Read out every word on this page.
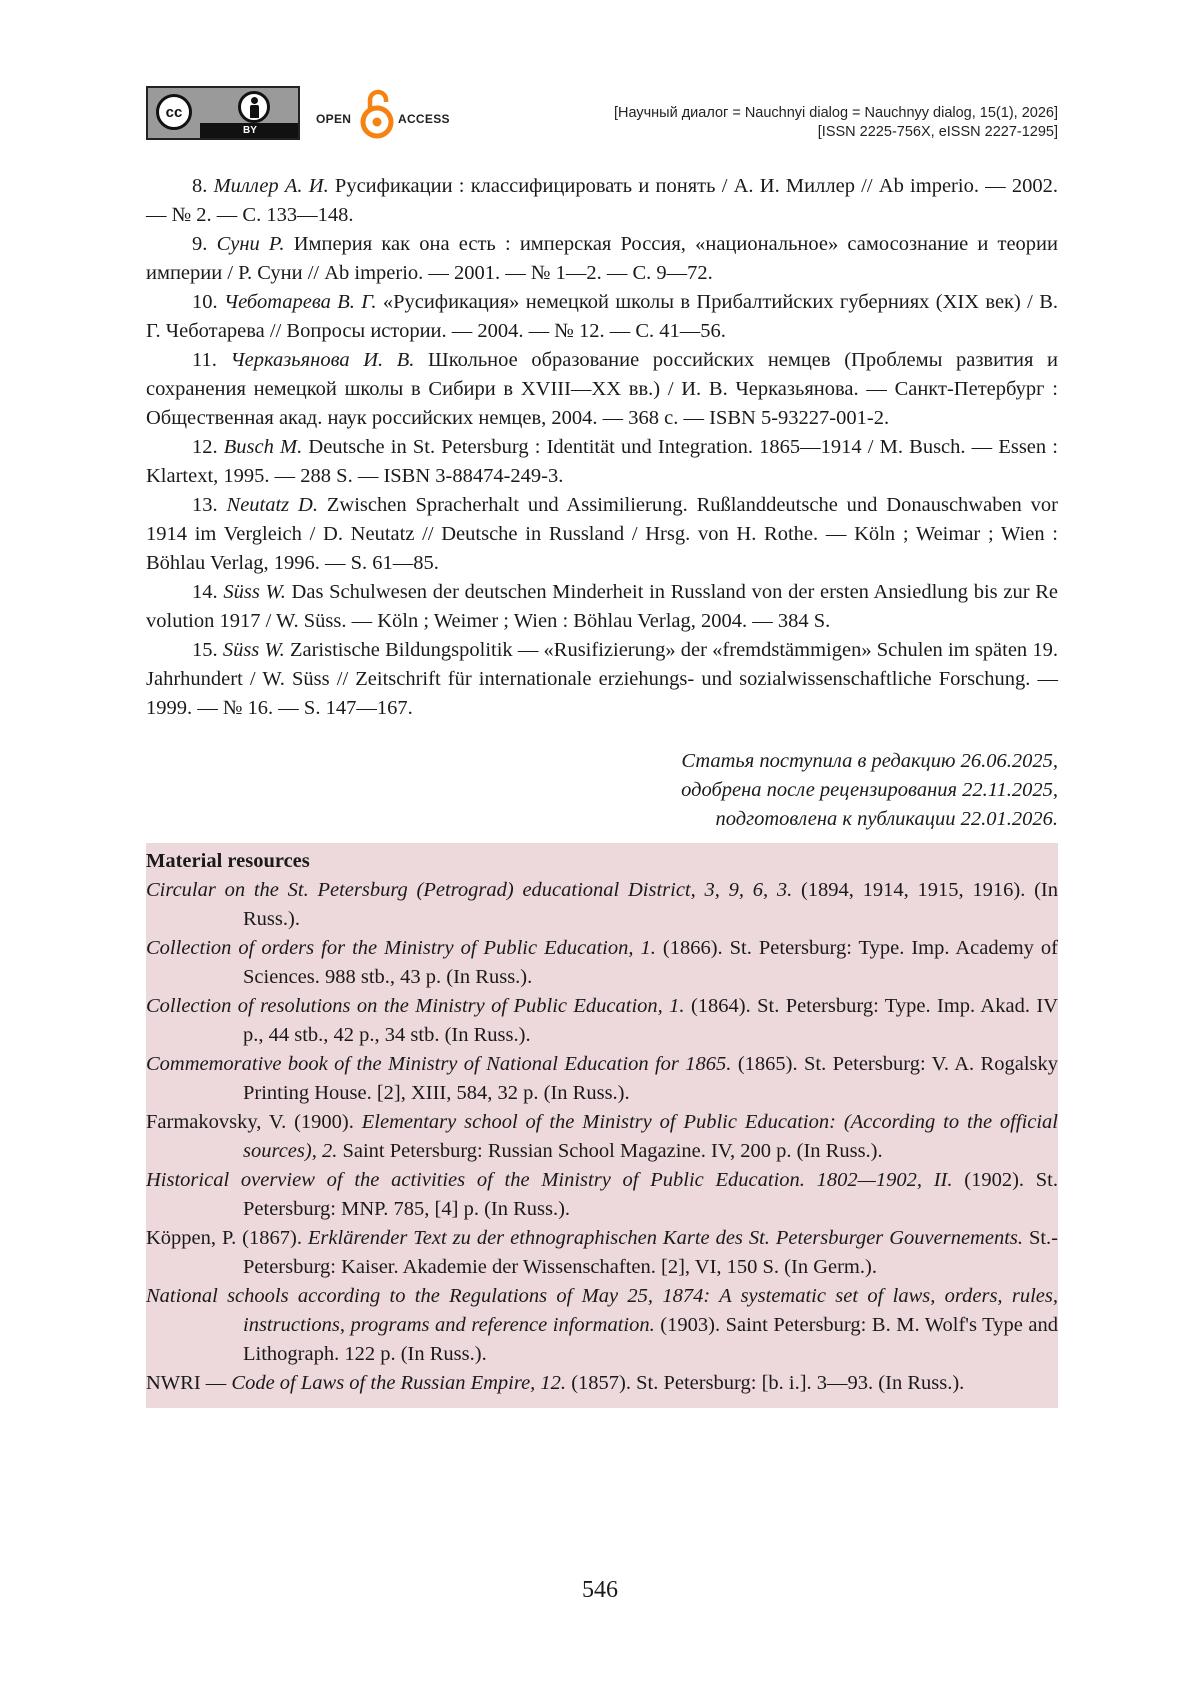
cc
BY
OPEN	ACCESS	[Научный диалог = Nauchnyi dialog = Nauchnyy dialog, 15(1), 2026]
[ISSN 2225-756X, eISSN 2227-1295]

8. Миллер А. И. Русификации : классифицировать и понять / А. И. Миллер // Ab imperio. — 2002. — № 2. — С. 133—148.

9. Суни Р. Империя как она есть : имперская Россия, «национальное» самосознание и теории империи / Р. Суни // Ab imperio. — 2001. — № 1—2. — С. 9—72.

10. Чеботарева В. Г. «Русификация» немецкой школы в Прибалтийских губерниях (XIX век) / В. Г. Чеботарева // Вопросы истории. — 2004. — № 12. — С. 41—56.

11. Черказьянова И. В. Школьное образование российских немцев (Проблемы развития и сохранения немецкой школы в Сибири в XVIII—XX вв.) / И. В. Черказьянова. — Санкт-Петербург : Общественная акад. наук российских немцев, 2004. — 368 с. — ISBN 5-93227-001-2.

12. Busch M. Deutsche in St. Petersburg : Identität und Integration. 1865—1914 / M. Busch. — Essen : Klartext, 1995. — 288 S. — ISBN 3-88474-249-3.

13. Neutatz D. Zwischen Spracherhalt und Assimilierung. Rußlanddeutsche und Donauschwaben vor 1914 im Vergleich / D. Neutatz // Deutsche in Russland / Hrsg. von H. Rothe. — Köln ; Weimar ; Wien : Böhlau Verlag, 1996. — S. 61—85.

14. Süss W. Das Schulwesen der deutschen Minderheit in Russland von der ersten Ansiedlung bis zur Re volution 1917 / W. Süss. — Köln ; Weimer ; Wien : Böhlau Verlag, 2004. — 384 S.

15. Süss W. Zaristische Bildungspolitik — «Rusifizierung» der «fremdstämmigen» Schulen im späten 19. Jahrhundert / W. Süss // Zeitschrift für internationale erziehungs- und sozialwissenschaftliche Forschung. — 1999. — № 16. — S. 147—167.

Статья поступила в редакцию 26.06.2025,
одобрена после рецензирования 22.11.2025,
подготовлена к публикации 22.01.2026.

Material resources

Circular on the St. Petersburg (Petrograd) educational District, 3, 9, 6, 3. (1894, 1914, 1915, 1916). (In Russ.).

Collection of orders for the Ministry of Public Education, 1. (1866). St. Petersburg: Type. Imp. Academy of Sciences. 988 stb., 43 p. (In Russ.).

Collection of resolutions on the Ministry of Public Education, 1. (1864). St. Petersburg: Type. Imp. Akad. IV p., 44 stb., 42 p., 34 stb. (In Russ.).

Commemorative book of the Ministry of National Education for 1865. (1865). St. Petersburg: V. A. Rogalsky Printing House. [2], XIII, 584, 32 p. (In Russ.).

Farmakovsky, V. (1900). Elementary school of the Ministry of Public Education: (According to the official sources), 2. Saint Petersburg: Russian School Magazine. IV, 200 p. (In Russ.).

Historical overview of the activities of the Ministry of Public Education. 1802—1902, II. (1902). St. Petersburg: MNP. 785, [4] p. (In Russ.).

Köppen, P. (1867). Erklärender Text zu der ethnographischen Karte des St. Petersburger Gouvernements. St.-Petersburg: Kaiser. Akademie der Wissenschaften. [2], VI, 150 S. (In Germ.).

National schools according to the Regulations of May 25, 1874: A systematic set of laws, orders, rules, instructions, programs and reference information. (1903). Saint Petersburg: B. M. Wolf's Type and Lithograph. 122 p. (In Russ.).

NWRI — Code of Laws of the Russian Empire, 12. (1857). St. Petersburg: [b. i.]. 3—93. (In Russ.).

546
